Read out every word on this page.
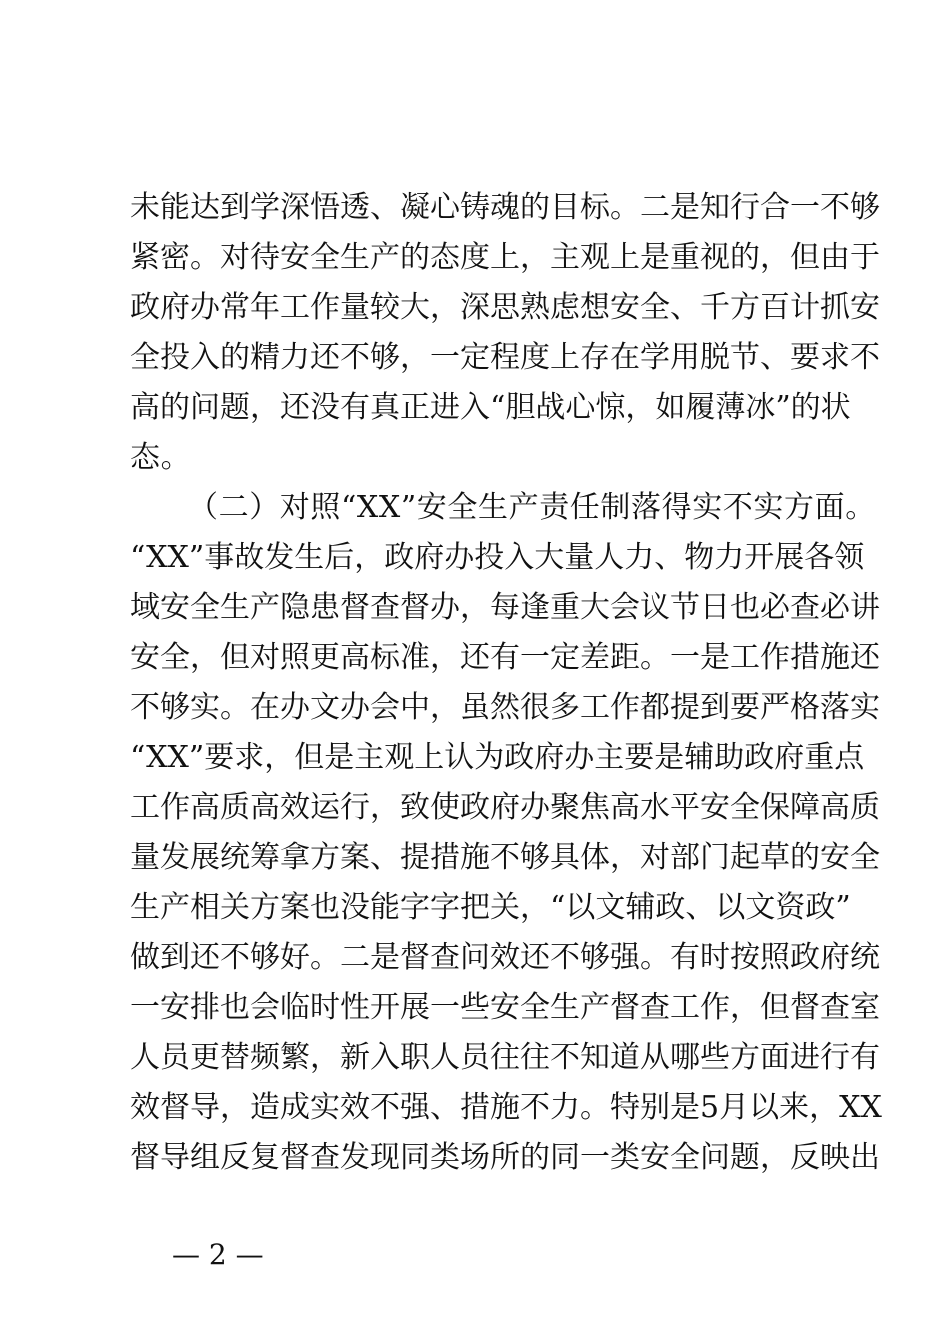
未能达到学深悟透、凝心铸魂的目标。二是知行合一不够
紧密。对待安全生产的态度上，主观上是重视的，但由于
政府办常年工作量较大，深思熟虑想安全、千方百计抓安
全投入的精力还不够，一定程度上存在学用脱节、要求不
高的问题，还没有真正进入“胆战心惊，如履薄冰”的状
态。
（二）对照“XX”安全生产责任制落得实不实方面。
“XX”事故发生后，政府办投入大量人力、物力开展各领
域安全生产隐患督查督办，每逢重大会议节日也必查必讲
安全，但对照更高标准，还有一定差距。一是工作措施还
不够实。在办文办会中，虽然很多工作都提到要严格落实
“XX”要求，但是主观上认为政府办主要是辅助政府重点
工作高质高效运行，致使政府办聚焦高水平安全保障高质
量发展统筹拿方案、提措施不够具体，对部门起草的安全
生产相关方案也没能字字把关，“以文辅政、以文资政”
做到还不够好。二是督查问效还不够强。有时按照政府统
一安排也会临时性开展一些安全生产督查工作，但督查室
人员更替频繁，新入职人员往往不知道从哪些方面进行有
效督导，造成实效不强、措施不力。特别是5月以来，XX
督导组反复督查发现同类场所的同一类安全问题，反映出
— 2 —
